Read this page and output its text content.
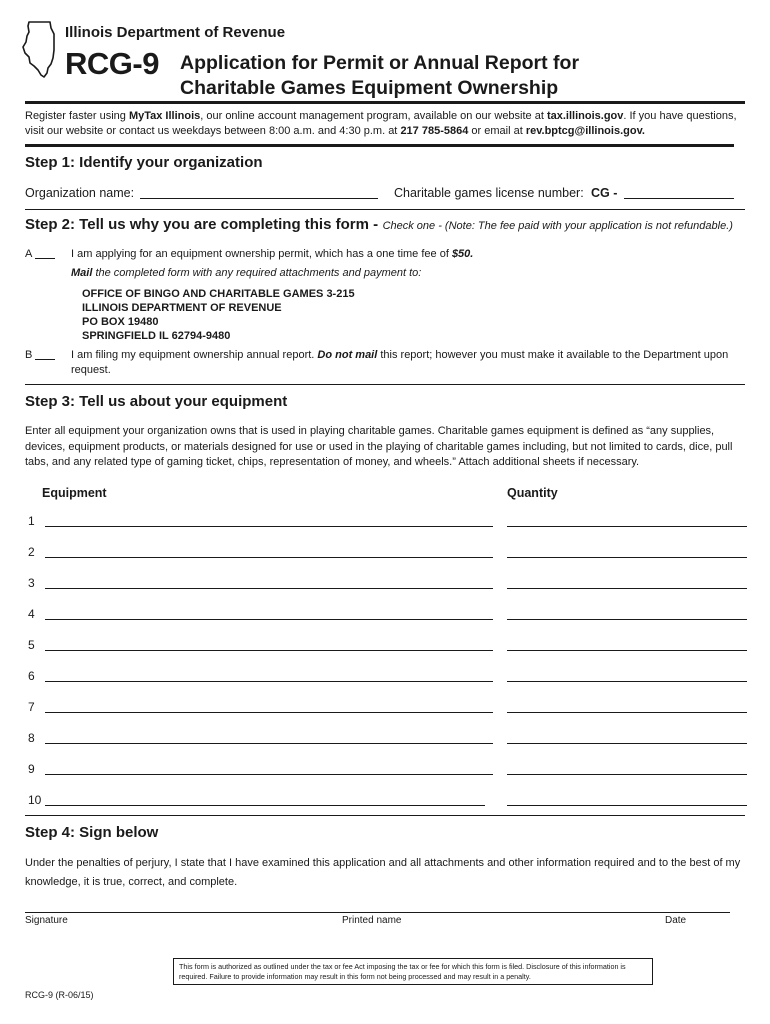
Illinois Department of Revenue
RCG-9 Application for Permit or Annual Report for
Charitable Games Equipment Ownership
Register faster using MyTax Illinois, our online account management program, available on our website at tax.illinois.gov. If you have questions, visit our website or contact us weekdays between 8:00 a.m. and 4:30 p.m. at 217 785-5864 or email at rev.bptcg@illinois.gov.
Step 1: Identify your organization
Organization name:	Charitable games license number: CG -
Step 2: Tell us why you are completing this form - Check one - (Note: The fee paid with your application is not refundable.)
A	I am applying for an equipment ownership permit, which has a one time fee of $50.
Mail the completed form with any required attachments and payment to:
OFFICE OF BINGO AND CHARITABLE GAMES 3-215
ILLINOIS DEPARTMENT OF REVENUE
PO BOX 19480
SPRINGFIELD IL 62794-9480
B	I am filing my equipment ownership annual report. Do not mail this report; however you must make it available to the Department upon
request.
Step 3: Tell us about your equipment
Enter all equipment your organization owns that is used in playing charitable games. Charitable games equipment is defined as “any supplies, devices, equipment products, or materials designed for use or used in the playing of charitable games including, but not limited to cards, dice, pull tabs, and any related type of gaming ticket, chips, representation of money, and wheels.” Attach additional sheets if necessary.
Equipment	Quantity
1
2
3
4
5
6
7
8
9
10
Step 4: Sign below
Under the penalties of perjury, I state that I have examined this application and all attachments and other information required and to the best of my knowledge, it is true, correct, and complete.
Signature	Printed name	Date
This form is authorized as outlined under the tax or fee Act imposing the tax or fee for which this form is filed. Disclosure of this information is required. Failure to provide information may result in this form not being processed and may result in a penalty.
RCG-9 (R-06/15)
